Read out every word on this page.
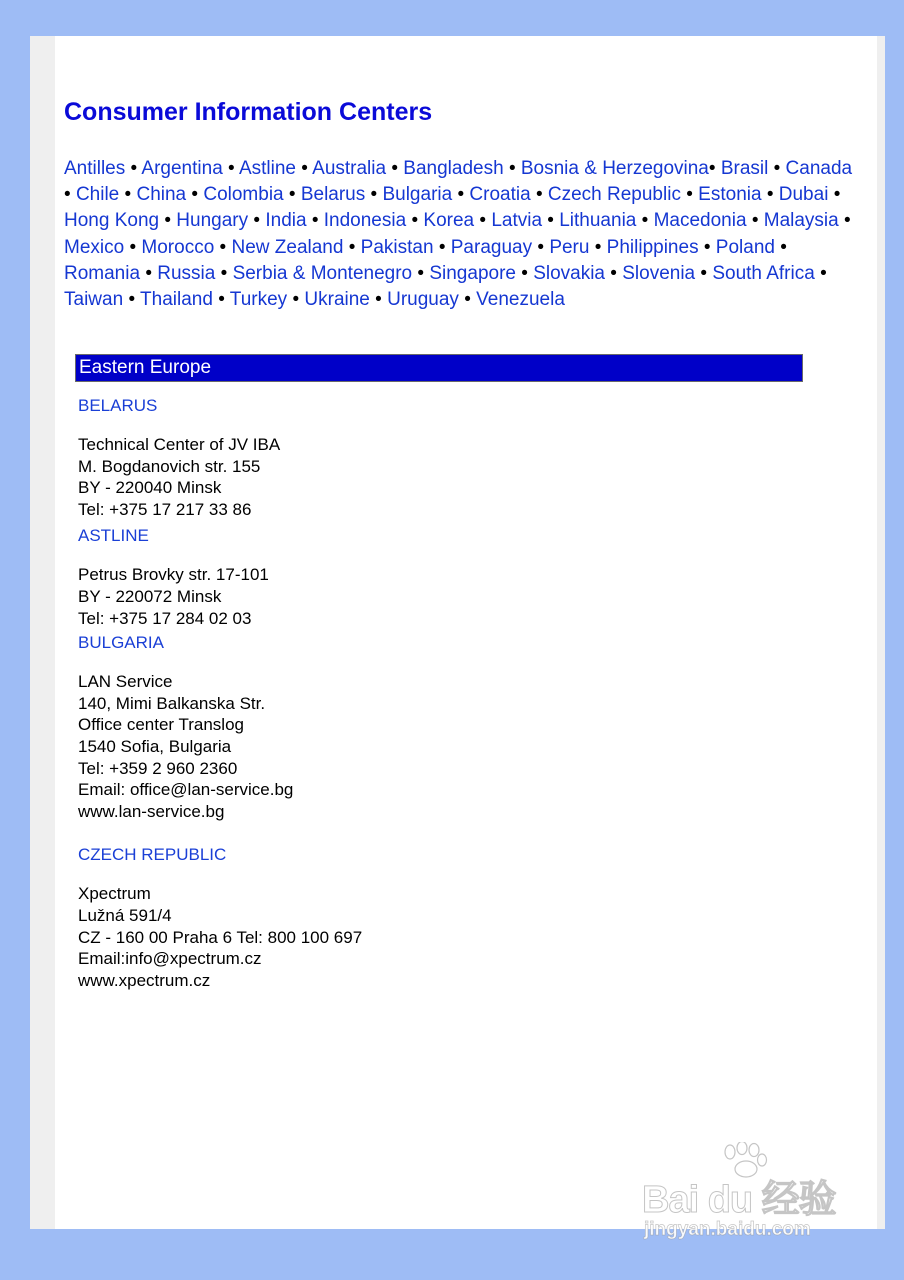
Consumer Information Centers
Antilles • Argentina • Astline • Australia • Bangladesh • Bosnia & Herzegovina• Brasil • Canada • Chile • China • Colombia • Belarus • Bulgaria • Croatia • Czech Republic • Estonia • Dubai •  Hong Kong • Hungary • India • Indonesia • Korea • Latvia • Lithuania • Macedonia • Malaysia • Mexico • Morocco • New Zealand • Pakistan • Paraguay • Peru • Philippines • Poland • Romania • Russia • Serbia & Montenegro • Singapore • Slovakia • Slovenia • South Africa • Taiwan • Thailand • Turkey • Ukraine • Uruguay • Venezuela
Eastern Europe

BELARUS

Technical Center of JV IBA
M. Bogdanovich str. 155
BY - 220040 Minsk
Tel: +375 17 217 33 86

ASTLINE

Petrus Brovky str. 17-101
BY - 220072 Minsk
Tel: +375 17 284 02 03

BULGARIA

LAN Service
140, Mimi Balkanska Str.
Office center Translog
1540 Sofia, Bulgaria
Tel: +359 2 960 2360
Email: office@lan-service.bg
www.lan-service.bg

CZECH REPUBLIC

Xpectrum
Lužná 591/4
CZ - 160 00 Praha 6 Tel: 800 100 697
Email:info@xpectrum.cz
www.xpectrum.cz
Bai du 经验
jingyan.baidu.com
